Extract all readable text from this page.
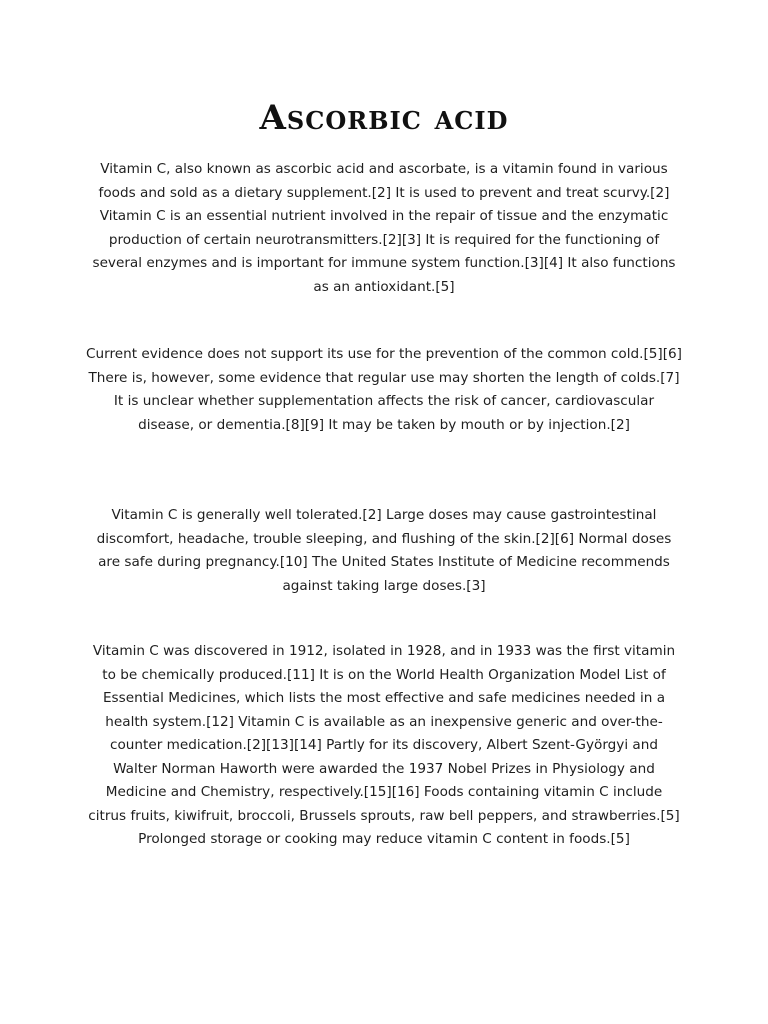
Ascorbic acid

Vitamin C, also known as ascorbic acid and ascorbate, is a vitamin found in various foods and sold as a dietary supplement.[2] It is used to prevent and treat scurvy.[2] Vitamin C is an essential nutrient involved in the repair of tissue and the enzymatic production of certain neurotransmitters.[2][3] It is required for the functioning of several enzymes and is important for immune system function.[3][4] It also functions as an antioxidant.[5]

Current evidence does not support its use for the prevention of the common cold.[5][6] There is, however, some evidence that regular use may shorten the length of colds.[7] It is unclear whether supplementation affects the risk of cancer, cardiovascular disease, or dementia.[8][9] It may be taken by mouth or by injection.[2]

Vitamin C is generally well tolerated.[2] Large doses may cause gastrointestinal discomfort, headache, trouble sleeping, and flushing of the skin.[2][6] Normal doses are safe during pregnancy.[10] The United States Institute of Medicine recommends against taking large doses.[3]

Vitamin C was discovered in 1912, isolated in 1928, and in 1933 was the first vitamin to be chemically produced.[11] It is on the World Health Organization Model List of Essential Medicines, which lists the most effective and safe medicines needed in a health system.[12] Vitamin C is available as an inexpensive generic and over-the-counter medication.[2][13][14] Partly for its discovery, Albert Szent-Györgyi and Walter Norman Haworth were awarded the 1937 Nobel Prizes in Physiology and Medicine and Chemistry, respectively.[15][16] Foods containing vitamin C include citrus fruits, kiwifruit, broccoli, Brussels sprouts, raw bell peppers, and strawberries.[5] Prolonged storage or cooking may reduce vitamin C content in foods.[5]
